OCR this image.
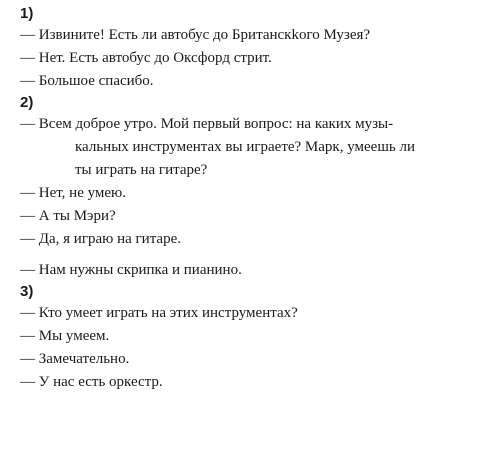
1)
— Извините! Есть ли автобус до Британскkого Музея?
— Нет. Есть автобус до Оксфорд стрит.
— Большое спасибо.
2)
— Всем доброе утро. Мой первый вопрос: на каких музы-
кальных инструментах вы играете? Марк, умеешь ли
ты играть на гитаре?
— Нет, не умею.
— А ты Мэри?
— Да, я играю на гитаре.
— Нам нужны скрипка и пианино.
3)
— Кто умеет играть на этих инструментах?
— Мы умеем.
— Замечательно.
— У нас есть оркестр.
